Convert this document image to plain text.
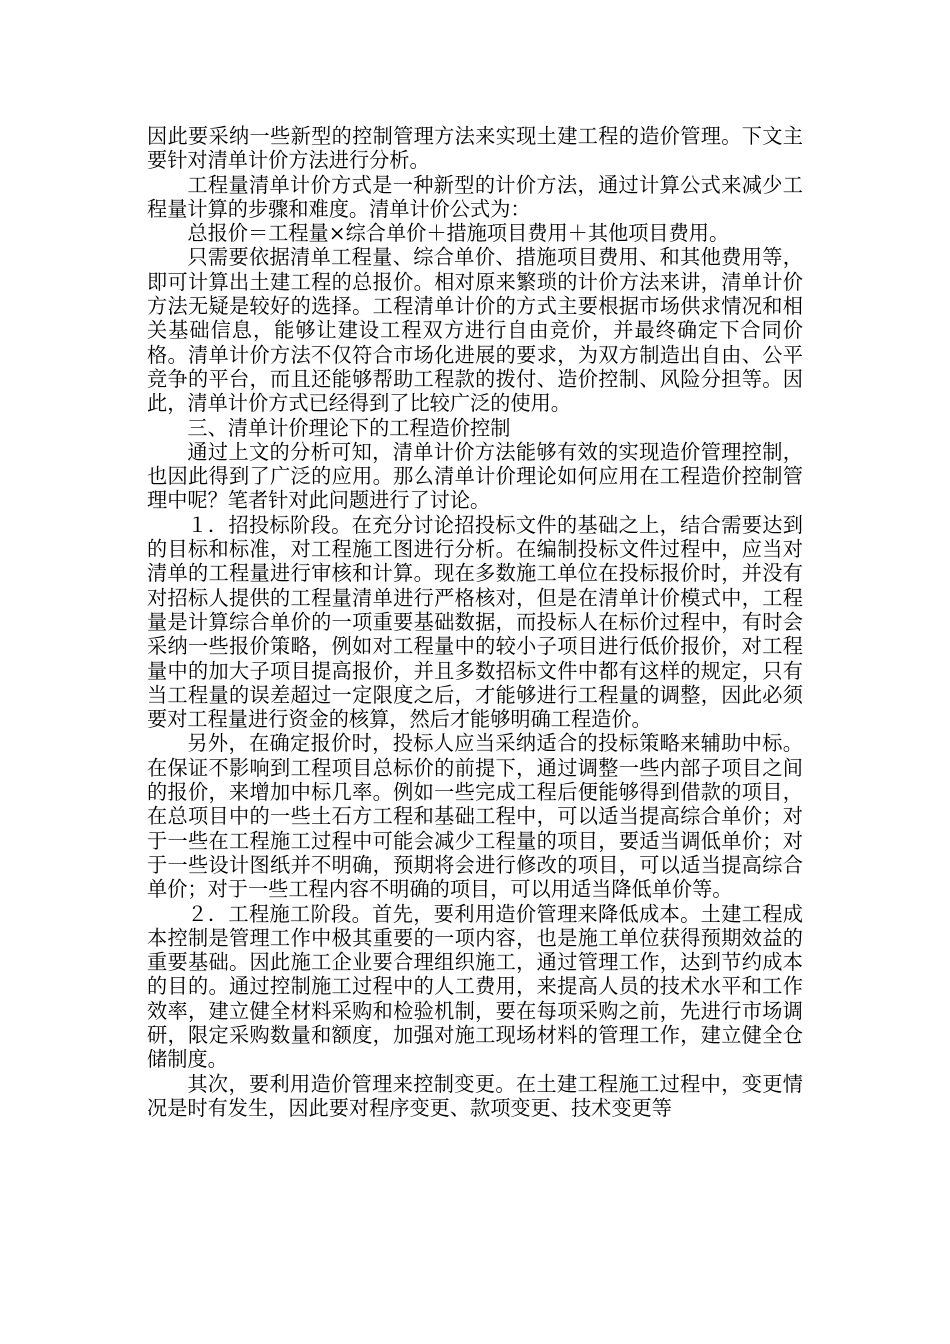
因此要采纳一些新型的控制管理方法来实现土建工程的造价管理。下文主要针对清单计价方法进行分析。

工程量清单计价方式是一种新型的计价方法，通过计算公式来减少工程量计算的步骤和难度。清单计价公式为：

总报价＝工程量×综合单价＋措施项目费用＋其他项目费用。

只需要依据清单工程量、综合单价、措施项目费用、和其他费用等，即可计算出土建工程的总报价。相对原来繁琐的计价方法来讲，清单计价方法无疑是较好的选择。工程清单计价的方式主要根据市场供求情况和相关基础信息，能够让建设工程双方进行自由竞价，并最终确定下合同价格。清单计价方法不仅符合市场化进展的要求，为双方制造出自由、公平竞争的平台，而且还能够帮助工程款的拨付、造价控制、风险分担等。因此，清单计价方式已经得到了比较广泛的使用。

三、清单计价理论下的工程造价控制

通过上文的分析可知，清单计价方法能够有效的实现造价管理控制，也因此得到了广泛的应用。那么清单计价理论如何应用在工程造价控制管理中呢？笔者针对此问题进行了讨论。

１．招投标阶段。在充分讨论招投标文件的基础之上，结合需要达到的目标和标准，对工程施工图进行分析。在编制投标文件过程中，应当对清单的工程量进行审核和计算。现在多数施工单位在投标报价时，并没有对招标人提供的工程量清单进行严格核对，但是在清单计价模式中，工程量是计算综合单价的一项重要基础数据，而投标人在标价过程中，有时会采纳一些报价策略，例如对工程量中的较小子项目进行低价报价，对工程量中的加大子项目提高报价，并且多数招标文件中都有这样的规定，只有当工程量的误差超过一定限度之后，才能够进行工程量的调整，因此必须要对工程量进行资金的核算，然后才能够明确工程造价。

另外，在确定报价时，投标人应当采纳适合的投标策略来辅助中标。在保证不影响到工程项目总标价的前提下，通过调整一些内部子项目之间的报价，来增加中标几率。例如一些完成工程后便能够得到借款的项目，在总项目中的一些土石方工程和基础工程中，可以适当提高综合单价；对于一些在工程施工过程中可能会减少工程量的项目，要适当调低单价；对于一些设计图纸并不明确，预期将会进行修改的项目，可以适当提高综合单价；对于一些工程内容不明确的项目，可以用适当降低单价等。

２．工程施工阶段。首先，要利用造价管理来降低成本。土建工程成本控制是管理工作中极其重要的一项内容，也是施工单位获得预期效益的重要基础。因此施工企业要合理组织施工，通过管理工作，达到节约成本的目的。通过控制施工过程中的人工费用，来提高人员的技术水平和工作效率，建立健全材料采购和检验机制，要在每项采购之前，先进行市场调研，限定采购数量和额度，加强对施工现场材料的管理工作，建立健全仓储制度。

其次，要利用造价管理来控制变更。在土建工程施工过程中，变更情况是时有发生，因此要对程序变更、款项变更、技术变更等
